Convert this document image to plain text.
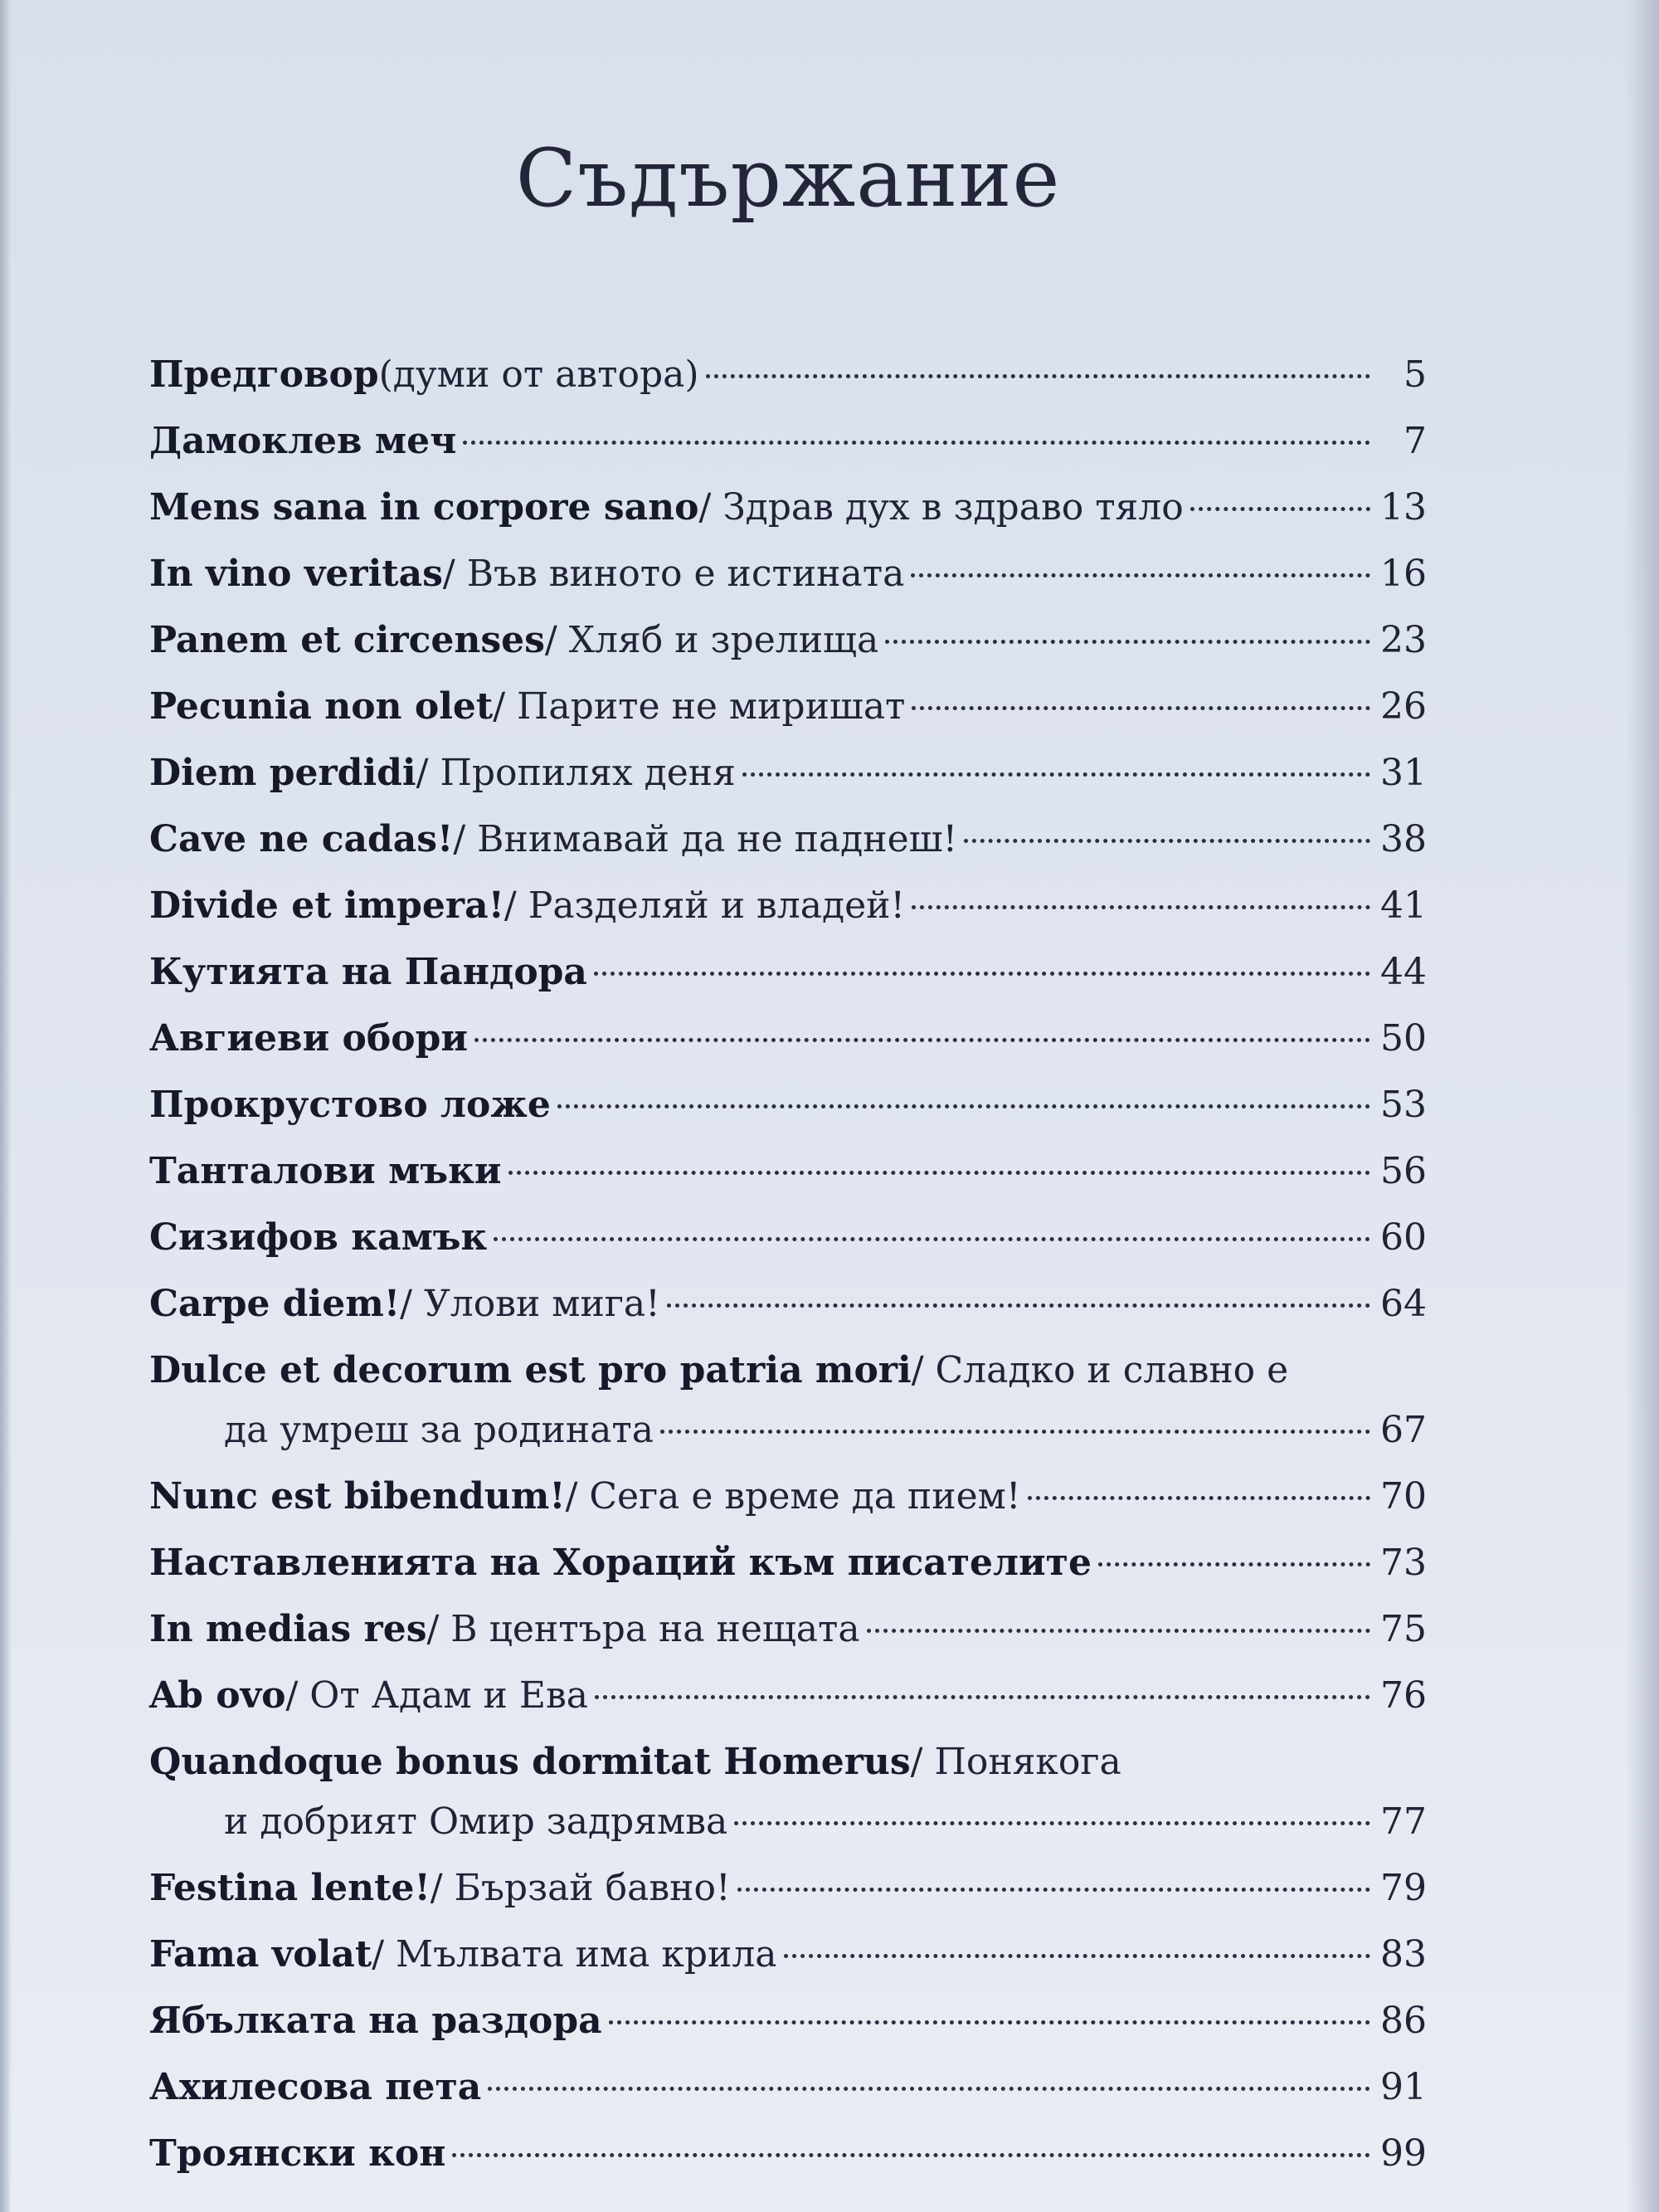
Съдържание
Предговор (думи от автора)	5
Дамоклев меч	7
Mens sana in corpore sano / Здрав дух в здраво тяло	13
In vino veritas / Във виното е истината	16
Panem et circenses / Хляб и зрелища	23
Pecunia non olet / Парите не миришат	26
Diem perdidi / Пропилях деня	31
Cave ne cadas! / Внимавай да не паднеш!	38
Divide et impera! / Разделяй и владей!	41
Кутията на Пандора	44
Авгиеви обори	50
Прокрустово ложе	53
Танталови мъки	56
Сизифов камък	60
Carpe diem! / Улови мига!	64
Dulce et decorum est pro patria mori / Сладко и славно е
да умреш за родината	67
Nunc est bibendum! / Сега е време да пием!	70
Наставленията на Хораций към писателите	73
In medias res / В центъра на нещата	75
Ab ovo / От Адам и Ева	76
Quandoque bonus dormitat Homerus / Понякога
и добрият Омир задрямва	77
Festina lente! / Бързай бавно!	79
Fama volat / Мълвата има крила	83
Ябълката на раздора	86
Ахилесова пета	91
Троянски кон	99
